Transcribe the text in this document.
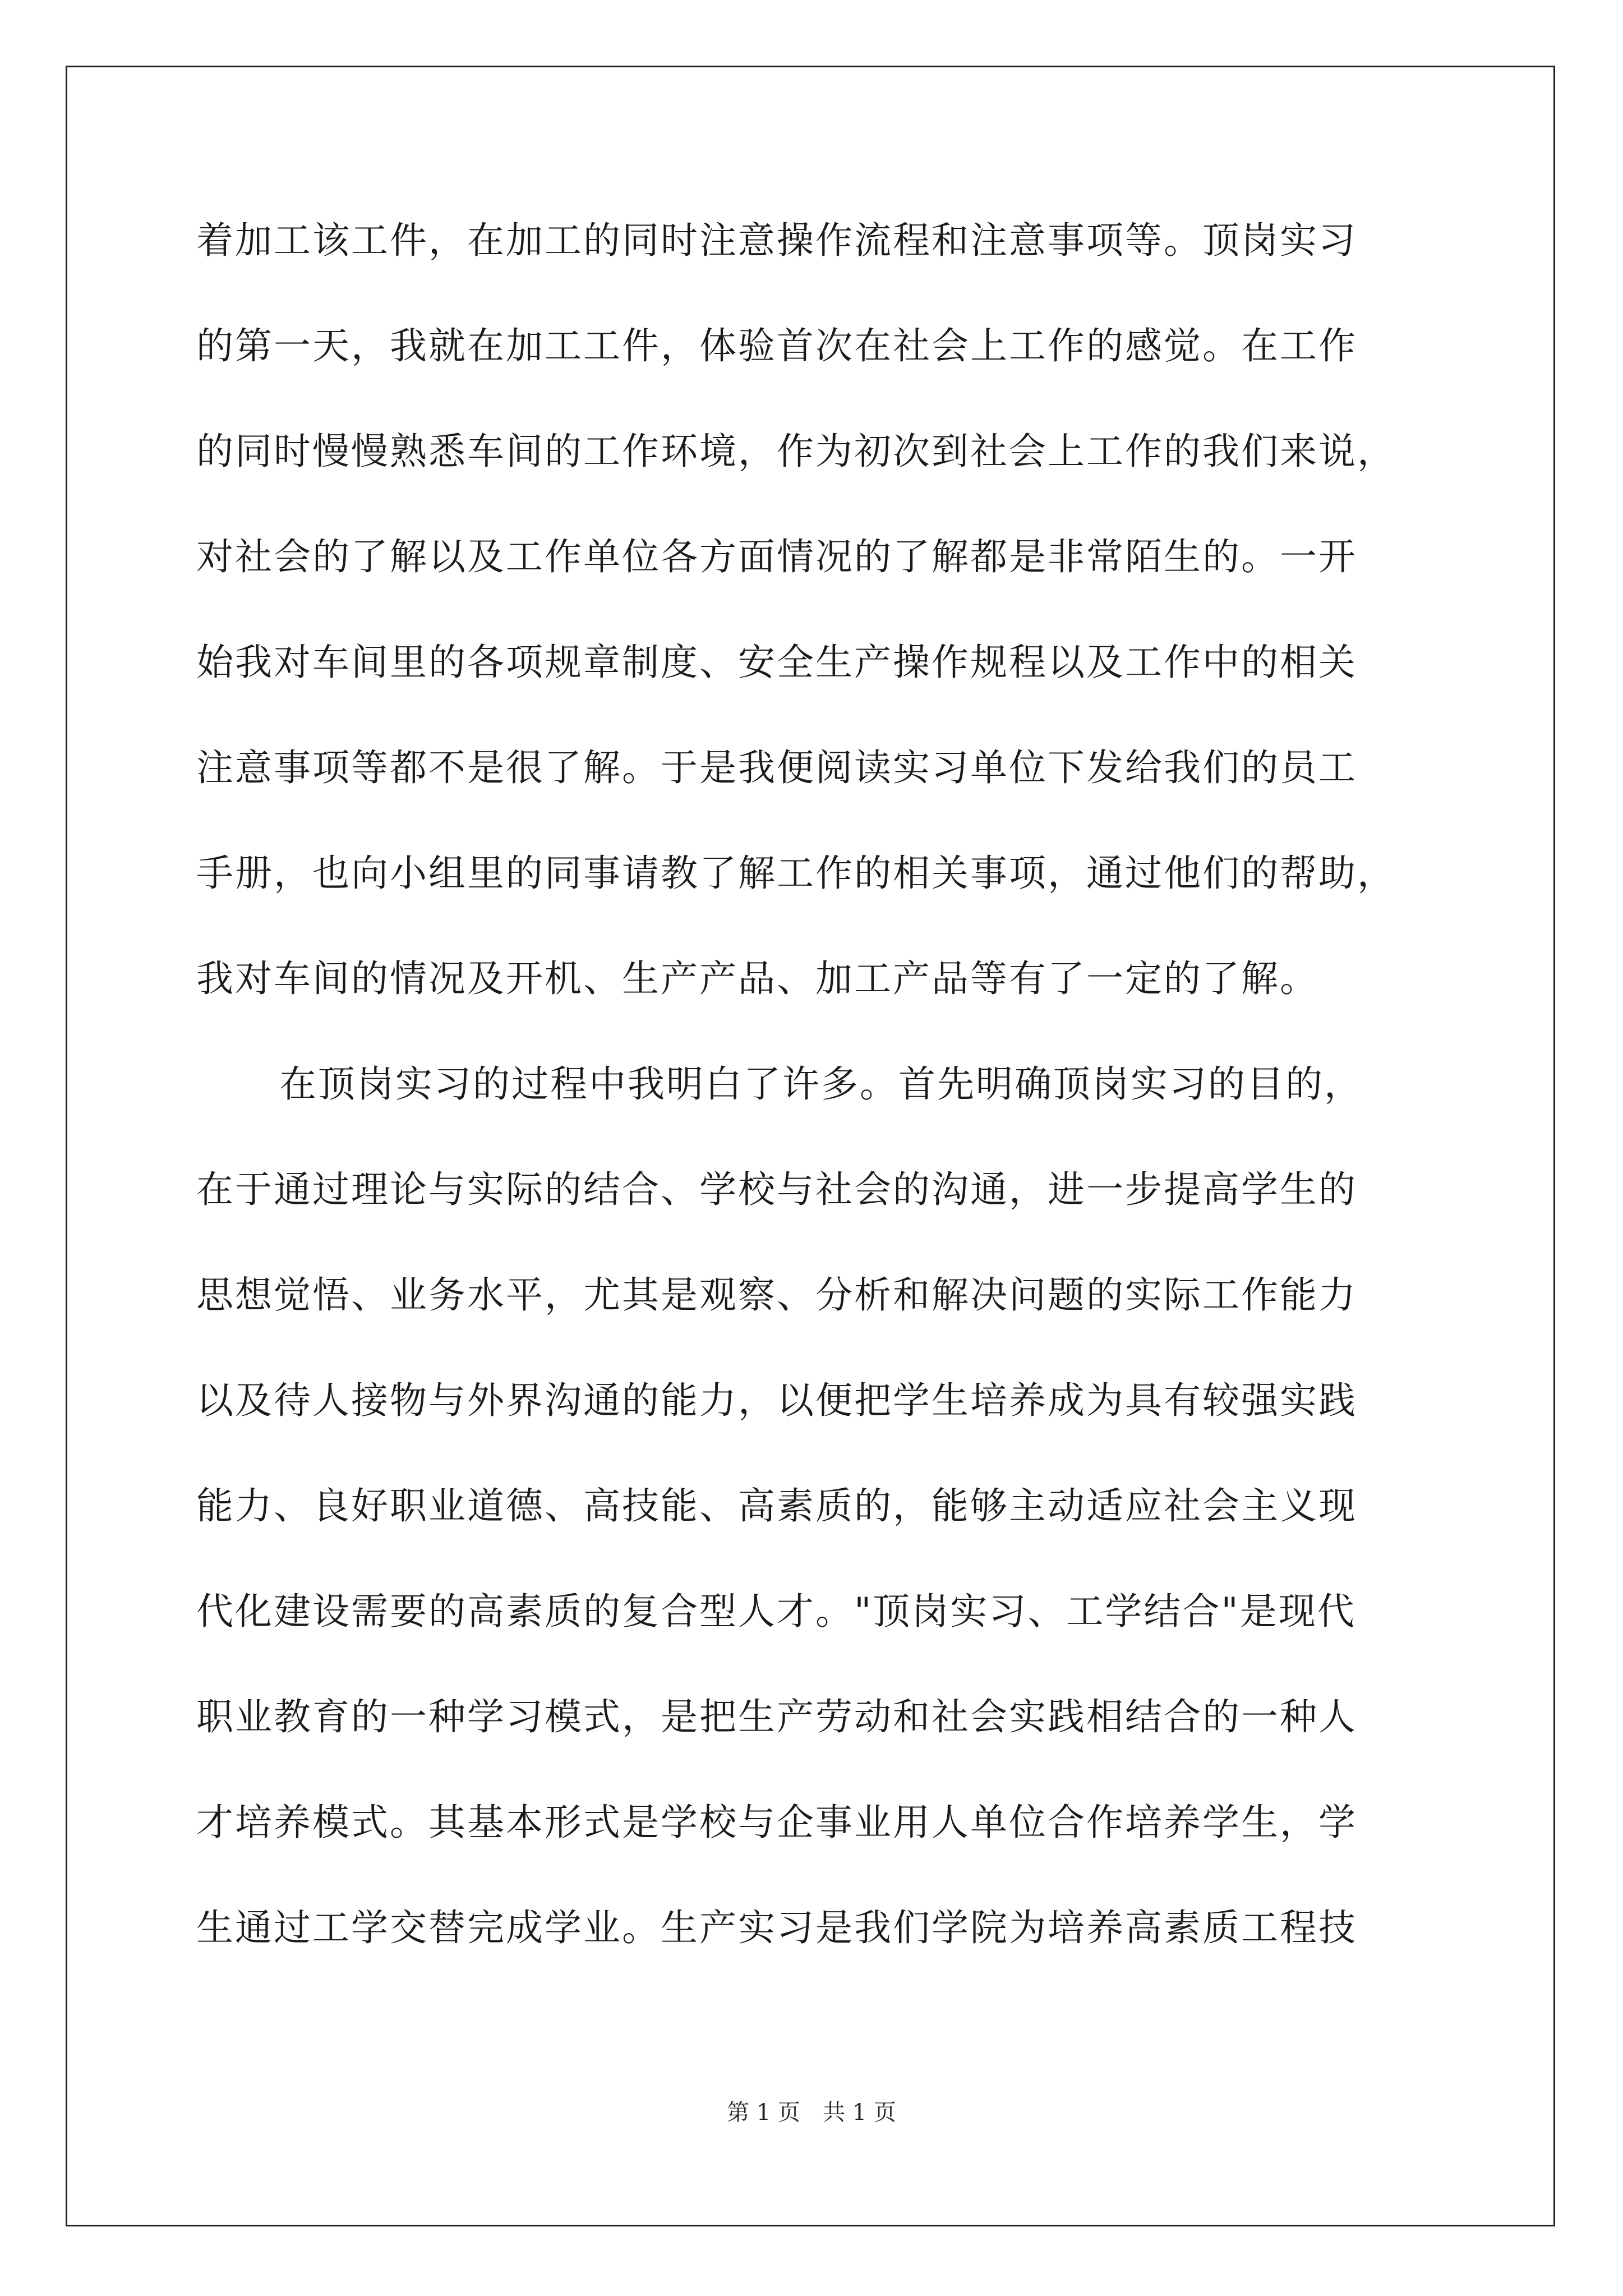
着加工该工件，在加工的同时注意操作流程和注意事项等。顶岗实习
的第一天，我就在加工工件，体验首次在社会上工作的感觉。在工作
的同时慢慢熟悉车间的工作环境，作为初次到社会上工作的我们来说，
对社会的了解以及工作单位各方面情况的了解都是非常陌生的。一开
始我对车间里的各项规章制度、安全生产操作规程以及工作中的相关
注意事项等都不是很了解。于是我便阅读实习单位下发给我们的员工
手册，也向小组里的同事请教了解工作的相关事项，通过他们的帮助，
我对车间的情况及开机、生产产品、加工产品等有了一定的了解。
在顶岗实习的过程中我明白了许多。首先明确顶岗实习的目的，
在于通过理论与实际的结合、学校与社会的沟通，进一步提高学生的
思想觉悟、业务水平，尤其是观察、分析和解决问题的实际工作能力
以及待人接物与外界沟通的能力，以便把学生培养成为具有较强实践
能力、良好职业道德、高技能、高素质的，能够主动适应社会主义现
代化建设需要的高素质的复合型人才。"顶岗实习、工学结合"是现代
职业教育的一种学习模式，是把生产劳动和社会实践相结合的一种人
才培养模式。其基本形式是学校与企事业用人单位合作培养学生，学
生通过工学交替完成学业。生产实习是我们学院为培养高素质工程技
第 1 页　共 1 页
